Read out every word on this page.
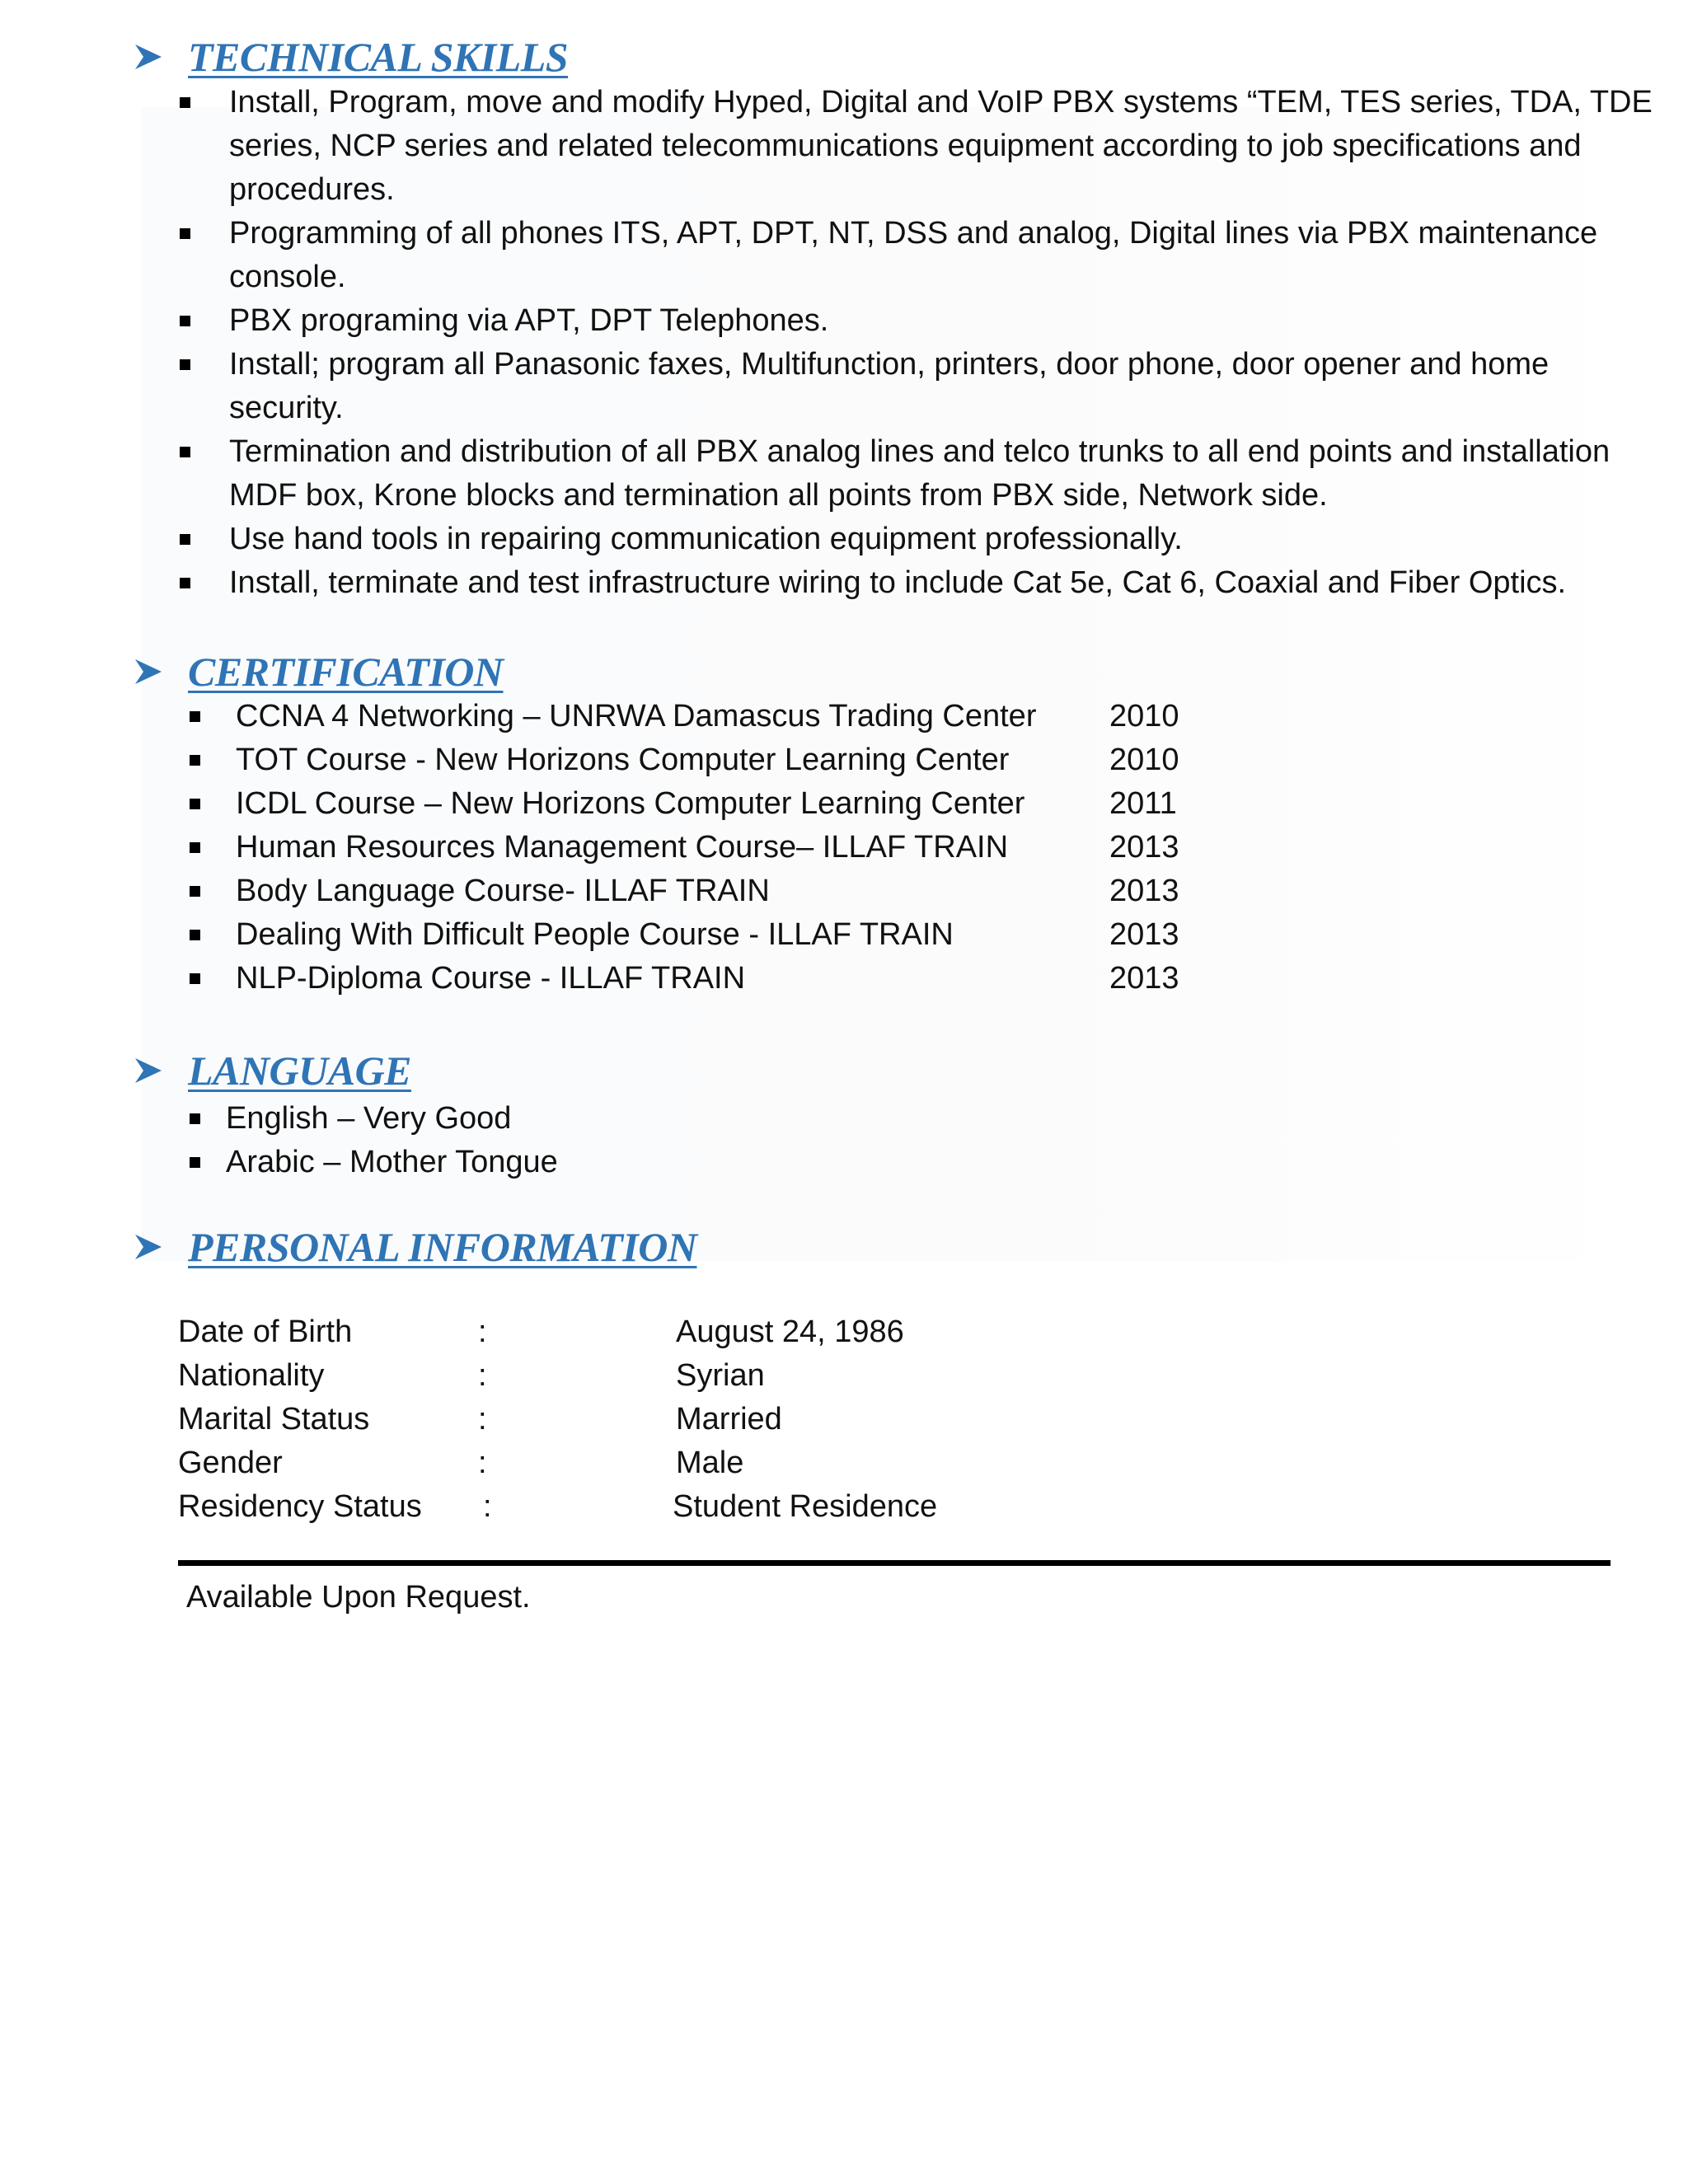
TECHNICAL SKILLS
Install, Program, move and modify Hyped, Digital and VoIP PBX systems “TEM, TES series, TDA, TDE series, NCP series and related telecommunications equipment according to job specifications and procedures.
Programming of all phones ITS, APT, DPT, NT, DSS and analog, Digital lines via PBX maintenance console.
PBX programing via APT, DPT Telephones.
Install; program all Panasonic faxes, Multifunction, printers, door phone, door opener and home security.
Termination and distribution of all PBX analog lines and telco trunks to all end points and installation MDF box, Krone blocks and termination all points from PBX side, Network side.
Use hand tools in repairing communication equipment professionally.
Install, terminate and test infrastructure wiring to include Cat 5e, Cat 6, Coaxial and Fiber Optics.
CERTIFICATION
CCNA 4 Networking – UNRWA Damascus Trading Center 2010
TOT Course - New Horizons Computer Learning Center	2010
ICDL Course – New Horizons Computer Learning Center	2011
Human Resources Management Course– ILLAF TRAIN	2013
Body Language Course- ILLAF TRAIN	2013
Dealing With Difficult People Course - ILLAF TRAIN	2013
NLP-Diploma Course - ILLAF TRAIN	2013
LANGUAGE
English – Very Good
Arabic – Mother Tongue
PERSONAL INFORMATION
Date of Birth	:	August 24, 1986
Nationality	:	Syrian
Marital Status	:	Married
Gender	:	Male
Residency Status	:	Student Residence
Available Upon Request.
